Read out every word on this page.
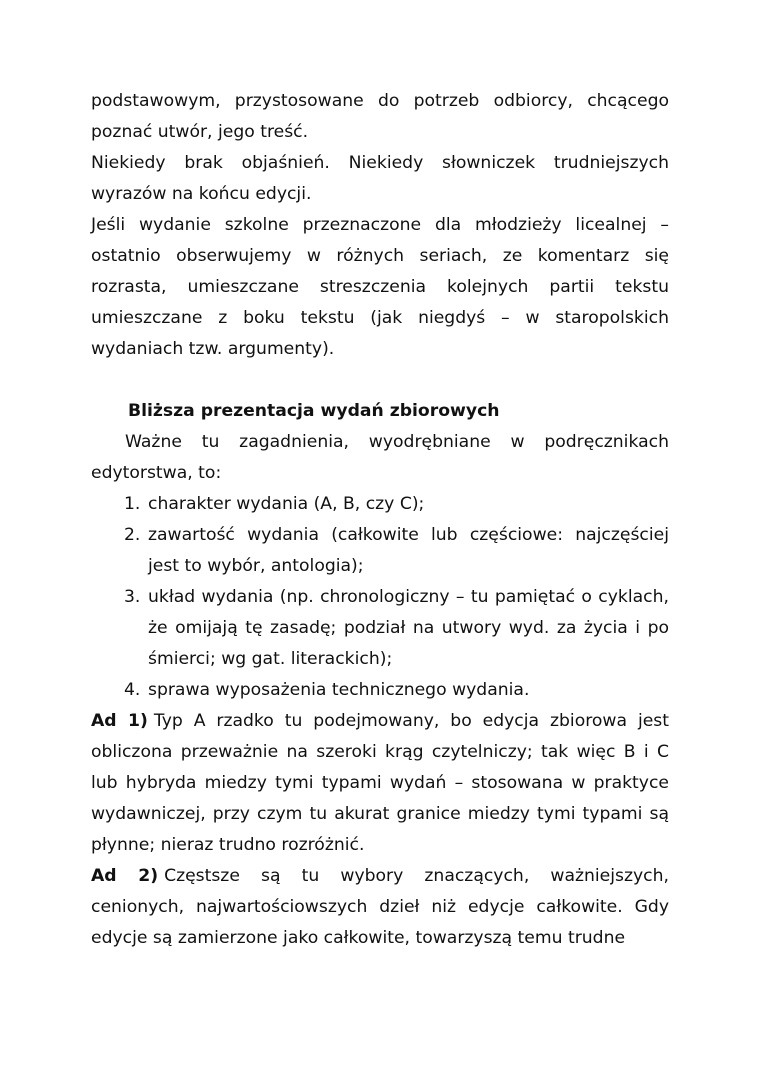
podstawowym, przystosowane do potrzeb odbiorcy, chcącego poznać utwór, jego treść.

Niekiedy brak objaśnień. Niekiedy słowniczek trudniejszych wyrazów na końcu edycji.

Jeśli wydanie szkolne przeznaczone dla młodzieży licealnej – ostatnio obserwujemy w różnych seriach, ze komentarz się rozrasta, umieszczane streszczenia kolejnych partii tekstu umieszczane z boku tekstu (jak niegdyś – w staropolskich wydaniach tzw. argumenty).

Bliższa prezentacja wydań zbiorowych

Ważne tu zagadnienia, wyodrębniane w podręcznikach edytorstwa, to:

1. charakter wydania (A, B, czy C);
2. zawartość wydania (całkowite lub częściowe: najczęściej jest to wybór, antologia);
3. układ wydania (np. chronologiczny – tu pamiętać o cyklach, że omijają tę zasadę; podział na utwory wyd. za życia i po śmierci; wg gat. literackich);
4. sprawa wyposażenia technicznego wydania.

Ad 1) Typ A rzadko tu podejmowany, bo edycja zbiorowa jest obliczona przeważnie na szeroki krąg czytelniczy; tak więc B i C lub hybryda miedzy tymi typami wydań – stosowana w praktyce wydawniczej, przy czym tu akurat granice miedzy tymi typami są płynne; nieraz trudno rozróżnić.

Ad 2) Częstsze są tu wybory znaczących, ważniejszych, cenionych, najwartościowszych dzieł niż edycje całkowite. Gdy edycje są zamierzone jako całkowite, towarzyszą temu trudne
